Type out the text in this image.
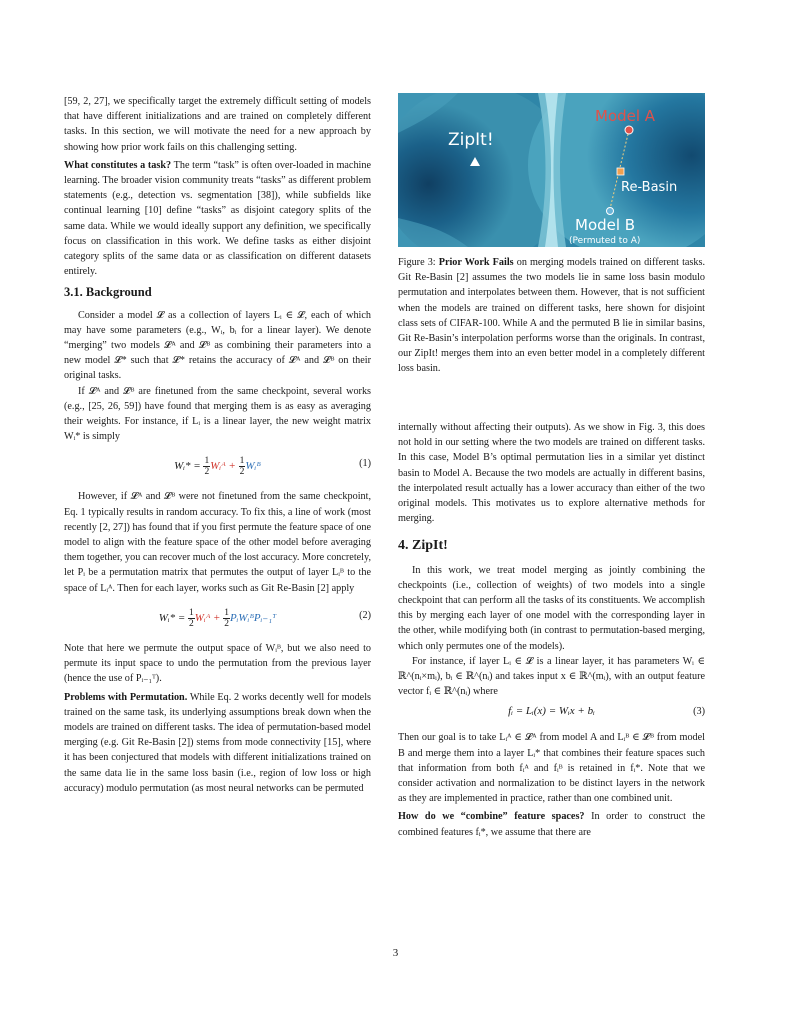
[59, 2, 27], we specifically target the extremely difficult setting of models that have different initializations and are trained on completely different tasks. In this section, we will motivate the need for a new approach by showing how prior work fails on this challenging setting.

What constitutes a task? The term “task” is often over-loaded in machine learning. The broader vision community treats “tasks” as different problem statements (e.g., detection vs. segmentation [38]), while subfields like continual learning [10] define “tasks” as disjoint category splits of the same data. While we would ideally support any definition, we specifically focus on classification in this work. We define tasks as either disjoint category splits of the same data or as classification on different datasets entirely.

3.1. Background

Consider a model 𝓛 as a collection of layers Lᵢ ∈ 𝓛, each of which may have some parameters (e.g., Wᵢ, bᵢ for a linear layer). We denote “merging” two models 𝓛ᴬ and 𝓛ᴮ as combining their parameters into a new model 𝓛* such that 𝓛* retains the accuracy of 𝓛ᴬ and 𝓛ᴮ on their original tasks.

If 𝓛ᴬ and 𝓛ᴮ are finetuned from the same checkpoint, several works (e.g., [25, 26, 59]) have found that merging them is as easy as averaging their weights. For instance, if Lᵢ is a linear layer, the new weight matrix Wᵢ* is simply

Wᵢ* = $\frac{1}{2}$ Wᵢᴬ + $\frac{1}{2}$ Wᵢᴮ	(1)

However, if 𝓛ᴬ and 𝓛ᴮ were not finetuned from the same checkpoint, Eq. 1 typically results in random accuracy. To fix this, a line of work (most recently [2, 27]) has found that if you first permute the feature space of one model to align with the feature space of the other model before averaging them together, you can recover much of the lost accuracy. More concretely, let Pᵢ be a permutation matrix that permutes the output of layer Lᵢᴮ to the space of Lᵢᴬ. Then for each layer, works such as Git Re-Basin [2] apply

Wᵢ* = $\frac{1}{2}$ Wᵢᴬ + $\frac{1}{2}$ PᵢWᵢᴮPᵢ₋₁ᵀ	(2)

Note that here we permute the output space of Wᵢᴮ, but we also need to permute its input space to undo the permutation from the previous layer (hence the use of Pᵢ₋₁ᵀ).

Problems with Permutation. While Eq. 2 works decently well for models trained on the same task, its underlying assumptions break down when the models are trained on different tasks. The idea of permutation-based model merging (e.g. Git Re-Basin [2]) stems from mode connectivity [15], where it has been conjectured that models with different initializations trained on the same data lie in the same loss basin (i.e., region of low loss or high accuracy) modulo permutation (as most neural networks can be permuted

ZipIt!
Model A
Re-Basin
Model B
(Permuted to A)
Figure 3: Prior Work Fails on merging models trained on different tasks. Git Re-Basin [2] assumes the two models lie in same loss basin modulo permutation and interpolates between them. However, that is not sufficient when the models are trained on different tasks, here shown for disjoint class sets of CIFAR-100. While A and the permuted B lie in similar basins, Git Re-Basin’s interpolation performs worse than the originals. In contrast, our ZipIt! merges them into an even better model in a completely different loss basin.

internally without affecting their outputs). As we show in Fig. 3, this does not hold in our setting where the two models are trained on different tasks. In this case, Model B’s optimal permutation lies in a similar yet distinct basin to Model A. Because the two models are actually in different basins, the interpolated result actually has a lower accuracy than either of the two original models. This motivates us to explore alternative methods for merging.

4. ZipIt!

In this work, we treat model merging as jointly combining the checkpoints (i.e., collection of weights) of two models into a single checkpoint that can perform all the tasks of its constituents. We accomplish this by merging each layer of one model with the corresponding layer in the other, while modifying both (in contrast to permutation-based merging, which only permutes one of the models).

For instance, if layer Lᵢ ∈ 𝓛 is a linear layer, it has parameters Wᵢ ∈ ℝ^(nᵢ×mᵢ), bᵢ ∈ ℝ^(nᵢ) and takes input x ∈ ℝ^(mᵢ), with an output feature vector fᵢ ∈ ℝ^(nᵢ) where

fᵢ = Lᵢ(x) = Wᵢx + bᵢ	(3)

Then our goal is to take Lᵢᴬ ∈ 𝓛ᴬ from model A and Lᵢᴮ ∈ 𝓛ᴮ from model B and merge them into a layer Lᵢ* that combines their feature spaces such that information from both fᵢᴬ and fᵢᴮ is retained in fᵢ*. Note that we consider activation and normalization to be distinct layers in the network as they are implemented in practice, rather than one combined unit.

How do we “combine” feature spaces? In order to construct the combined features fᵢ*, we assume that there are

3
